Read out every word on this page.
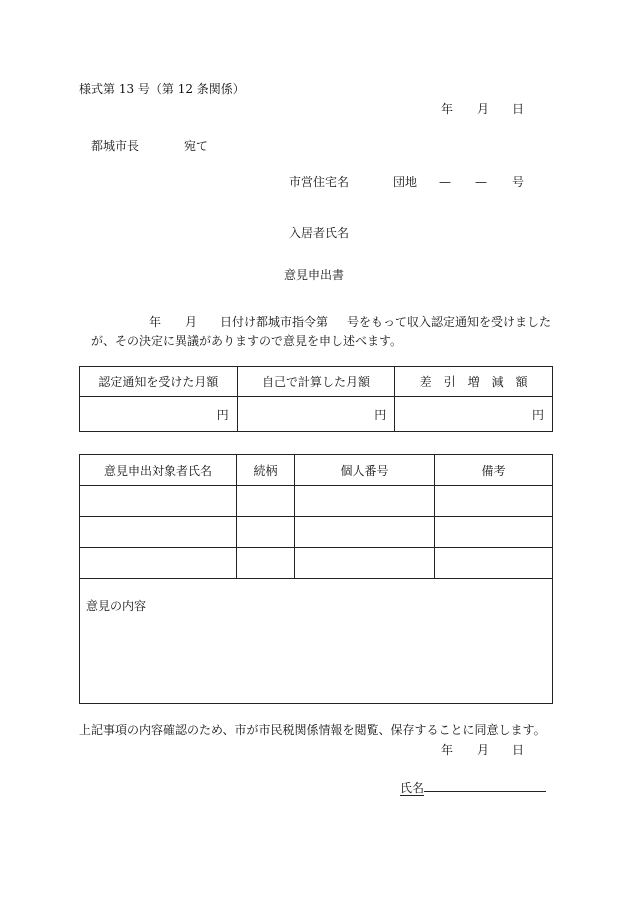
様式第 13 号（第 12 条関係）
年 月 日
都城市長	宛て
市営住宅名	団地 — — 号
入居者氏名
意見申出書
年 月 日付け都城市指令第 号をもって収入認定通知を受けました
が、その決定に異議がありますので意見を申し述べます。
認定通知を受けた月額	自己で計算した月額	差　引　増　減　額
円	円	円
意見申出対象者氏名	続柄	個人番号	備考

意見の内容			
上記事項の内容確認のため、市が市民税関係情報を閲覧、保存することに同意します。
年 月 日
氏名
